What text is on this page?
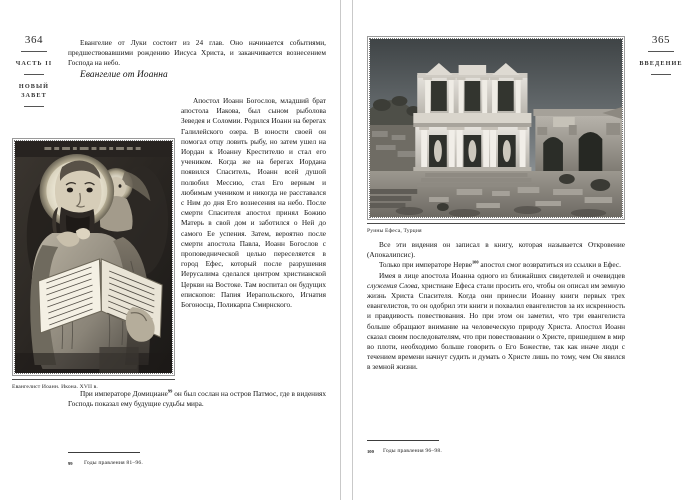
364
ЧАСТЬ II
НОВЫЙ ЗАВЕТ

Евангелие от Луки состоит из 24 глав. Оно начинается событиями, предшествовавшими рождению Иисуса Христа, и заканчивается вознесением Господа на небо.

Евангелие от Иоанна

Евангелист Иоанн. Икона. XVII в.

Апостол Иоанн Богослов, младший брат апостола Иакова, был сыном рыболова Зеведея и Соломии. Родился Иоанн на берегах Галилейского озера. В юности своей он помогал отцу ловить рыбу, но затем ушел на Иордан к Иоанну Крестителю и стал его учеником. Когда же на берегах Иордана появился Спаситель, Иоанн всей душой полюбил Мессию, стал Его верным и любимым учеником и никогда не расставался с Ним до дня Его вознесения на небо. После смерти Спасителя апостол принял Божию Матерь в свой дом и заботился о Ней до самого Ее успения. Затем, вероятно после смерти апостола Павла, Иоанн Богослов с проповеднической целью переселяется в город Ефес, который после разрушения Иерусалима сделался центром христианской Церкви на Востоке. Там воспитал он будущих епископов: Папия Иерапольского, Игнатия Богоносца, Поликарпа Смирнского.

При императоре Домициане$^{99}$ он был сослан на остров Патмос, где в видениях Господь показал ему будущие судьбы мира.

99	Годы правления 81–96.
365
ВВЕДЕНИЕ
Руины Ефеса, Турция

Все эти видения он записал в книгу, которая называется Откровение (Апокалипсис).

Только при императоре Нерве$^{100}$ апостол смог возвратиться из ссылки в Ефес.

Имея в лице апостола Иоанна одного из ближайших свидетелей и очевидцев служения Слова, христиане Ефеса стали просить его, чтобы он описал им земную жизнь Христа Спасителя. Когда они принесли Иоанну книги первых трех евангелистов, то он одобрил эти книги и похвалил евангелистов за их искренность и правдивость повествования. Но при этом он заметил, что три евангелиста больше обращают внимание на человеческую природу Христа. Апостол Иоанн сказал своим последователям, что при повествовании о Христе, пришедшем в мир во плоти, необходимо больше говорить о Его Божестве, так как иначе люди с течением времени начнут судить и думать о Христе лишь по тому, чем Он явился в земной жизни.

100	Годы правления 96–98.
